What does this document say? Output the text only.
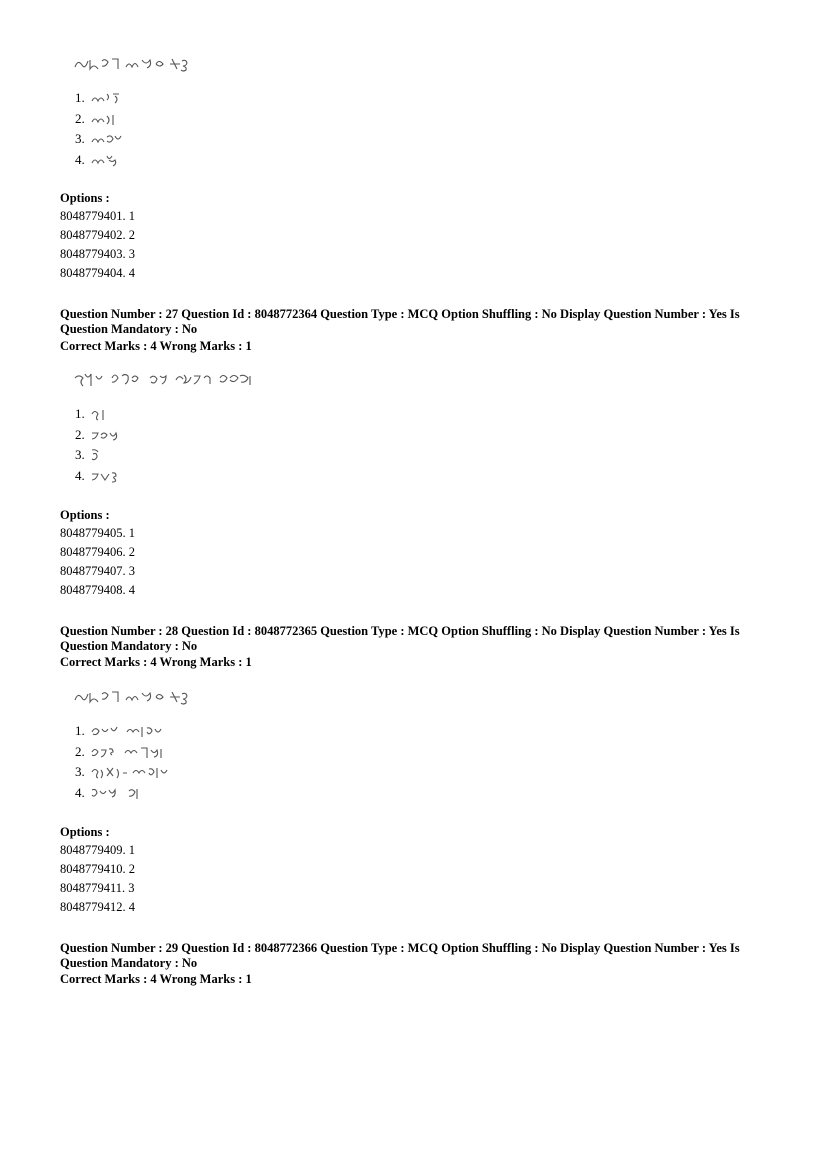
1.
2.
3.
4.
Options :
8048779401. 1
8048779402. 2
8048779403. 3
8048779404. 4
Question Number : 27 Question Id : 8048772364 Question Type : MCQ Option Shuffling : No Display Question Number : Yes Is
Question Mandatory : No
Correct Marks : 4 Wrong Marks : 1
1.
2.
3.
4.
Options :
8048779405. 1
8048779406. 2
8048779407. 3
8048779408. 4
Question Number : 28 Question Id : 8048772365 Question Type : MCQ Option Shuffling : No Display Question Number : Yes Is
Question Mandatory : No
Correct Marks : 4 Wrong Marks : 1
1.
2.
3.
4.
Options :
8048779409. 1
8048779410. 2
8048779411. 3
8048779412. 4
Question Number : 29 Question Id : 8048772366 Question Type : MCQ Option Shuffling : No Display Question Number : Yes Is
Question Mandatory : No
Correct Marks : 4 Wrong Marks : 1
